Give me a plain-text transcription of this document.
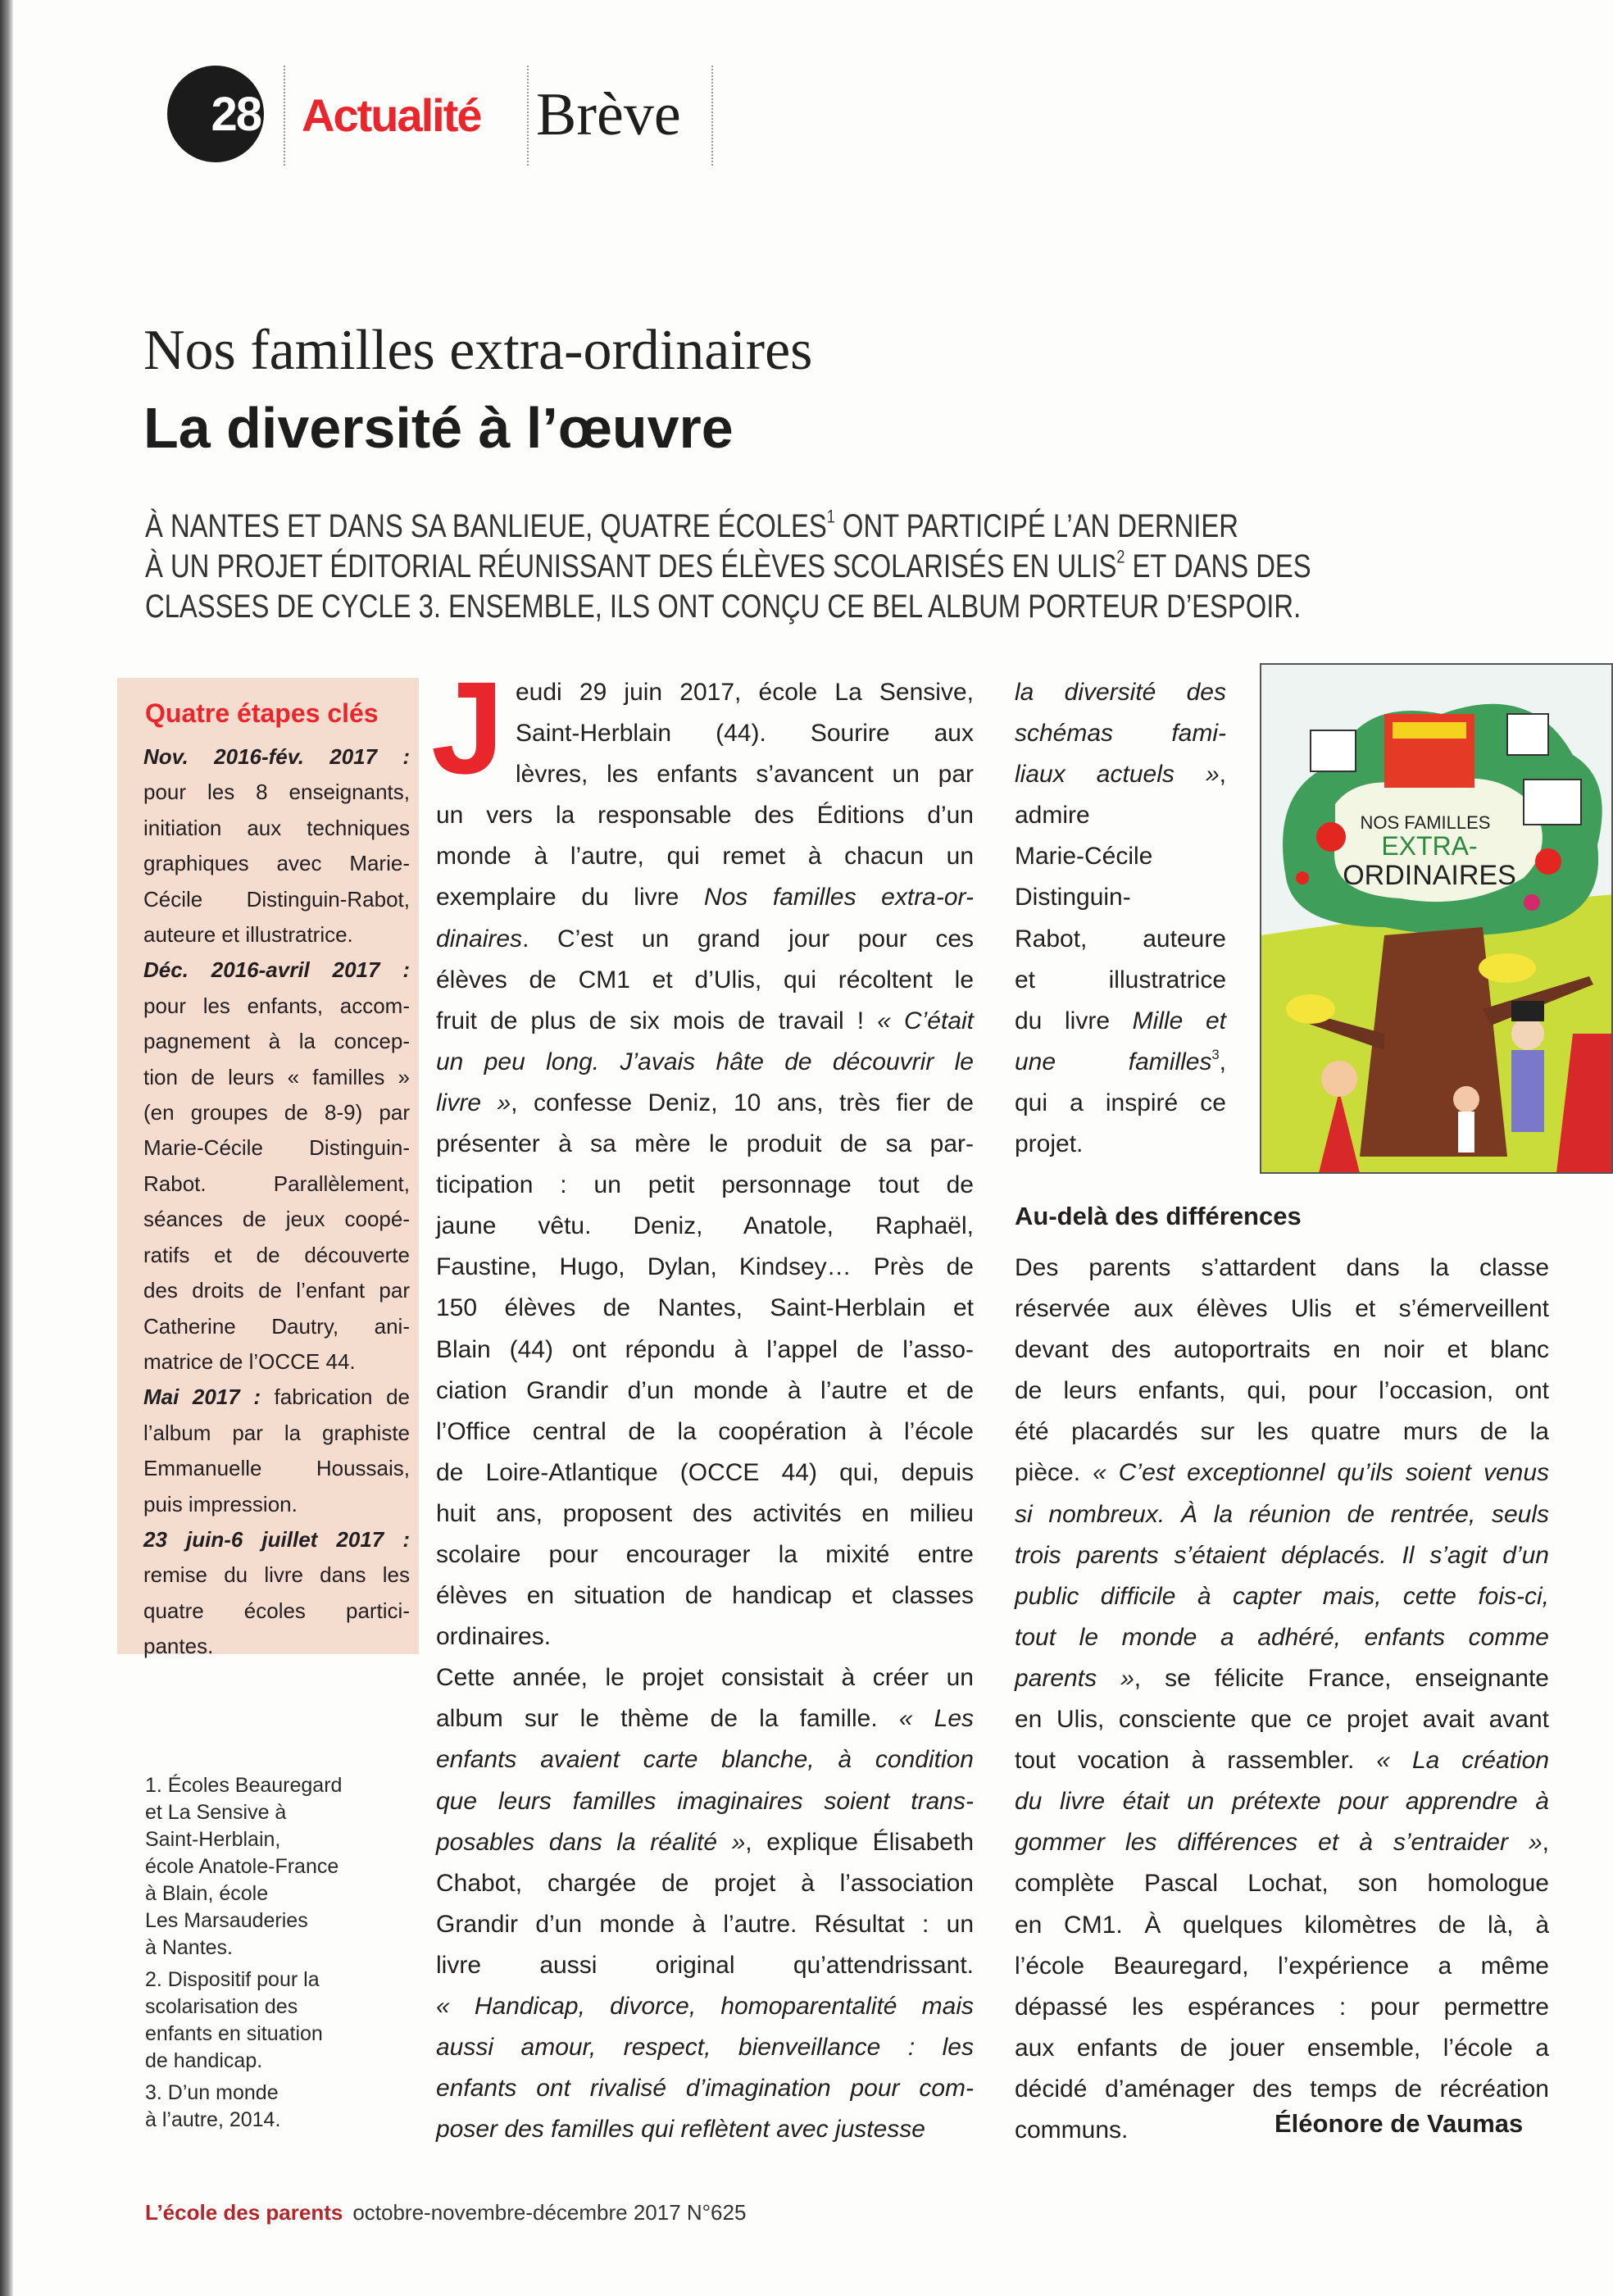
28 Actualité Brève
Nos familles extra-ordinaires
La diversité à l’œuvre
À NANTES ET DANS SA BANLIEUE, QUATRE ÉCOLES$^1$ ONT PARTICIPÉ L’AN DERNIER
À UN PROJET ÉDITORIAL RÉUNISSANT DES ÉLÈVES SCOLARISÉS EN ULIS$^2$ ET DANS DES
CLASSES DE CYCLE 3. ENSEMBLE, ILS ONT CONÇU CE BEL ALBUM PORTEUR D’ESPOIR.
Quatre étapes clés
Nov. 2016-fév. 2017 :
pour les 8 enseignants,
initiation aux techniques
graphiques avec Marie-
Cécile Distinguin-Rabot,
auteure et illustratrice.
Déc. 2016-avril 2017 :
pour les enfants, accom-
pagnement à la concep-
tion de leurs « familles »
(en groupes de 8-9) par
Marie-Cécile Distinguin-
Rabot. Parallèlement,
séances de jeux coopé-
ratifs et de découverte
des droits de l’enfant par
Catherine Dautry, ani-
matrice de l’OCCE 44.
Mai 2017 : fabrication de
l’album par la graphiste
Emmanuelle Houssais,
puis impression.
23 juin-6 juillet 2017 :
remise du livre dans les
quatre écoles partici-
pantes.
1. Écoles Beauregard
et La Sensive à
Saint-Herblain,
école Anatole-France
à Blain, école
Les Marsauderies
à Nantes.
2. Dispositif pour la
scolarisation des
enfants en situation
de handicap.
3. D’un monde
à l’autre, 2014.
J eudi 29 juin 2017, école La Sensive,
Saint-Herblain (44). Sourire aux
lèvres, les enfants s’avancent un par
un vers la responsable des Éditions d’un
monde à l’autre, qui remet à chacun un
exemplaire du livre Nos familles extra-or-
dinaires. C’est un grand jour pour ces
élèves de CM1 et d’Ulis, qui récoltent le
fruit de plus de six mois de travail ! « C’était
un peu long. J’avais hâte de découvrir le
livre », confesse Deniz, 10 ans, très fier de
présenter à sa mère le produit de sa par-
ticipation : un petit personnage tout de
jaune vêtu. Deniz, Anatole, Raphaël,
Faustine, Hugo, Dylan, Kindsey… Près de
150 élèves de Nantes, Saint-Herblain et
Blain (44) ont répondu à l’appel de l’asso-
ciation Grandir d’un monde à l’autre et de
l’Office central de la coopération à l’école
de Loire-Atlantique (OCCE 44) qui, depuis
huit ans, proposent des activités en milieu
scolaire pour encourager la mixité entre
élèves en situation de handicap et classes
ordinaires.
Cette année, le projet consistait à créer un
album sur le thème de la famille. « Les
enfants avaient carte blanche, à condition
que leurs familles imaginaires soient trans-
posables dans la réalité », explique Élisabeth
Chabot, chargée de projet à l’association
Grandir d’un monde à l’autre. Résultat : un
livre aussi original qu’attendrissant.
« Handicap, divorce, homoparentalité mais
aussi amour, respect, bienveillance : les
enfants ont rivalisé d’imagination pour com-
poser des familles qui reflètent avec justesse
la diversité des
schémas fami-
liaux actuels »,
admire
Marie-Cécile
Distinguin-
Rabot, auteure
et illustratrice
du livre Mille et
une familles$^3$,
qui a inspiré ce
projet.
Au-delà des différences
Des parents s’attardent dans la classe
réservée aux élèves Ulis et s’émerveillent
devant des autoportraits en noir et blanc
de leurs enfants, qui, pour l’occasion, ont
été placardés sur les quatre murs de la
pièce. « C’est exceptionnel qu’ils soient venus
si nombreux. À la réunion de rentrée, seuls
trois parents s’étaient déplacés. Il s’agit d’un
public difficile à capter mais, cette fois-ci,
tout le monde a adhéré, enfants comme
parents », se félicite France, enseignante
en Ulis, consciente que ce projet avait avant
tout vocation à rassembler. « La création
du livre était un prétexte pour apprendre à
gommer les différences et à s’entraider »,
complète Pascal Lochat, son homologue
en CM1. À quelques kilomètres de là, à
l’école Beauregard, l’expérience a même
dépassé les espérances : pour permettre
aux enfants de jouer ensemble, l’école a
décidé d’aménager des temps de récréation
communs.	Éléonore de Vaumas
NOS FAMILLES
EXTRA-
ORDINAIRES
L’école des parents octobre-novembre-décembre 2017 N°625
